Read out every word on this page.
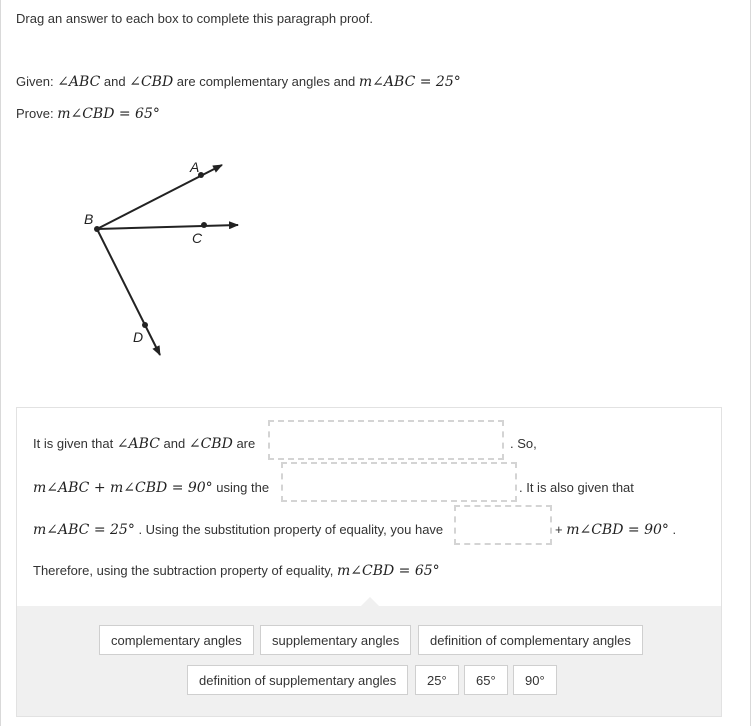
Drag an answer to each box to complete this paragraph proof.
Given: ∠ABC and ∠CBD are complementary angles and m∠ABC = 25°
Prove: m∠CBD = 65°
A
B
C
D
It is given that ∠ABC and ∠CBD are	. So,
m∠ABC + m∠CBD = 90° using the	. It is also given that
m∠ABC = 25° . Using the substitution property of equality, you have	+ m∠CBD = 90° .
Therefore, using the subtraction property of equality, m∠CBD = 65°
complementary angles	supplementary angles	definition of complementary angles
definition of supplementary angles	25°	65°	90°
